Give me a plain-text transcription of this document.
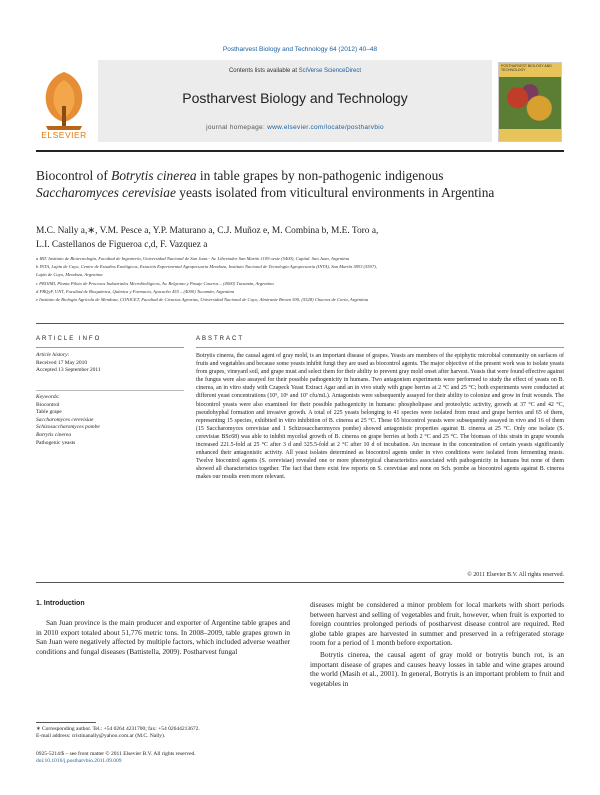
Postharvest Biology and Technology 64 (2012) 40–48
ELSEVIER
Contents lists available at SciVerse ScienceDirect
Postharvest Biology and Technology
journal homepage: www.elsevier.com/locate/postharvbio
POSTHARVEST BIOLOGY AND TECHNOLOGY
Biocontrol of Botrytis cinerea in table grapes by non-pathogenic indigenous
Saccharomyces cerevisiae yeasts isolated from viticultural environments in Argentina
M.C. Nally a,∗, V.M. Pesce a, Y.P. Maturano a, C.J. Muñoz e, M. Combina b, M.E. Toro a,
L.I. Castellanos de Figueroa c,d, F. Vazquez a
a IBT. Instituto de Biotecnología, Facultad de Ingeniería, Universidad Nacional de San Juan.- Av. Libertador San Martín 1109 oeste (5400), Capital. San Juan, Argentina
b INTA, Luján de Cuyo, Centro de Estudios Enológicos, Estación Experimental Agropecuaria Mendoza, Instituto Nacional de Tecnología Agropecuaria (INTA), San Martín 3853 (5507),
Luján de Cuyo, Mendoza, Argentina
c PROIMI, Planta Piloto de Procesos Industriales Microbiológicos, Av. Belgrano y Pasaje Caseros – (4000) Tucumán, Argentina
d FBQyF, UNT, Facultad de Bioquímica, Química y Farmacia, Ayacucho 455 – (4000) Tucumán, Argentina
e Instituto de Biología Agrícola de Mendoza, CONICET, Facultad de Ciencias Agrarias, Universidad Nacional de Cuyo, Almirante Brown 500, (5528) Chacras de Coria, Argentina
ARTICLE INFO	ABSTRACT
Article history:
Received 17 May 2010
Accepted 13 September 2011
Keywords:
Biocontrol
Table grape
Saccharomyces cerevisiae
Schizosaccharomyces pombe
Botrytis cinerea
Pathogenic yeasts
Botrytis cinerea, the causal agent of gray mold, is an important disease of grapes. Yeasts are members of the epiphytic microbial community on surfaces of fruits and vegetables and because some yeasts inhibit fungi they are used as biocontrol agents. The major objective of the present work was to isolate yeasts from grapes, vineyard soil, and grape must and select them for their ability to prevent gray mold onset after harvest. Yeasts that were found effective against the fungus were also assayed for their possible pathogenicity in humans. Two antagonism experiments were performed to study the effect of yeasts on B. cinerea, an in vitro study with Czapeck Yeast Extract Agar and an in vivo study with grape berries at 2 °C and 25 °C; both experiments were conducted at different yeast concentrations (10⁵, 10⁶ and 10⁷ cfu/mL). Antagonists were subsequently assayed for their ability to colonize and grow in fruit wounds. The biocontrol yeasts were also examined for their possible pathogenicity in humans: phospholipase and proteolytic activity, growth at 37 °C and 42 °C, pseudohyphal formation and invasive growth. A total of 225 yeasts belonging to 41 species were isolated from must and grape berries and 65 of them, representing 15 species, exhibited in vitro inhibition of B. cinerea at 25 °C. These 65 biocontrol yeasts were subsequently assayed in vivo and 16 of them (15 Saccharomyces cerevisiae and 1 Schizosaccharomyces pombe) showed antagonistic properties against B. cinerea at 25 °C. Only one isolate (S. cerevisiae BSc68) was able to inhibit mycelial growth of B. cinerea on grape berries at both 2 °C and 25 °C. The biomass of this strain in grape wounds increased 221.5-fold at 25 °C after 3 d and 325.5-fold at 2 °C after 10 d of incubation. An increase in the concentration of certain yeasts significantly enhanced their antagonistic activity. All yeast isolates determined as biocontrol agents under in vivo conditions were isolated from fermenting musts. Twelve biocontrol agents (S. cerevisiae) revealed one or more phenotypical characteristics associated with pathogenicity in humans but none of them showed all characteristics together. The fact that there exist few reports on S. cerevisiae and none on Sch. pombe as biocontrol agents against B. cinerea makes our results even more relevant.
© 2011 Elsevier B.V. All rights reserved.
1. Introduction

San Juan province is the main producer and exporter of Argentine table grapes and in 2010 export totaled about 51,776 metric tons. In 2008–2009, table grapes grown in San Juan were negatively affected by multiple factors, which included adverse weather conditions and fungal diseases (Battistella, 2009). Postharvest fungal

diseases might be considered a minor problem for local markets with short periods between harvest and selling of vegetables and fruit, however, when fruit is exported to foreign countries prolonged periods of postharvest disease control are required. Red globe table grapes are harvested in summer and preserved in a refrigerated storage room for a period of 1 month before exportation.

Botrytis cinerea, the causal agent of gray mold or botrytis bunch rot, is an important disease of grapes and causes heavy losses in table and wine grapes around the world (Masih et al., 2001). In general, Botrytis is an important problem to fruit and vegetables in

∗ Corresponding author. Tel.: +54 0264 4231700; fax: +54 02644213672.
E-mail address: cristinanally@yahoo.com.ar (M.C. Nally).
0925-5214/$ – see front matter © 2011 Elsevier B.V. All rights reserved.
doi:10.1016/j.postharvbio.2011.09.009
